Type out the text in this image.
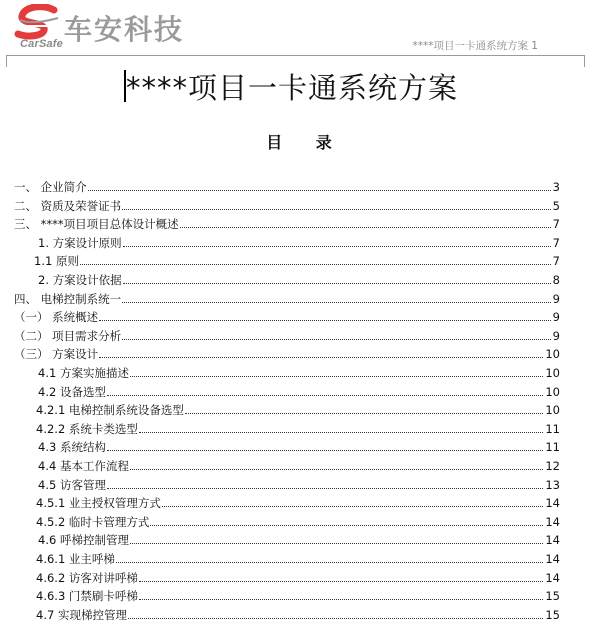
CarSafe 车安科技	****项目一卡通系统方案 1
****项目一卡通系统方案
目 录
一、 企业简介	3
二、 资质及荣誉证书	5
三、 ****项目项目总体设计概述	7
1. 方案设计原则	7
1.1 原则	7
2. 方案设计依据	8
四、 电梯控制系统一	9
（一） 系统概述	9
（二） 项目需求分析	9
（三） 方案设计	10
4.1 方案实施描述	10
4.2 设备选型	10
4.2.1 电梯控制系统设备选型	10
4.2.2 系统卡类选型	11
4.3 系统结构	11
4.4 基本工作流程	12
4.5 访客管理	13
4.5.1 业主授权管理方式	14
4.5.2 临时卡管理方式	14
4.6 呼梯控制管理	14
4.6.1 业主呼梯	14
4.6.2 访客对讲呼梯	14
4.6.3 门禁刷卡呼梯	15
4.7 实现梯控管理	15
